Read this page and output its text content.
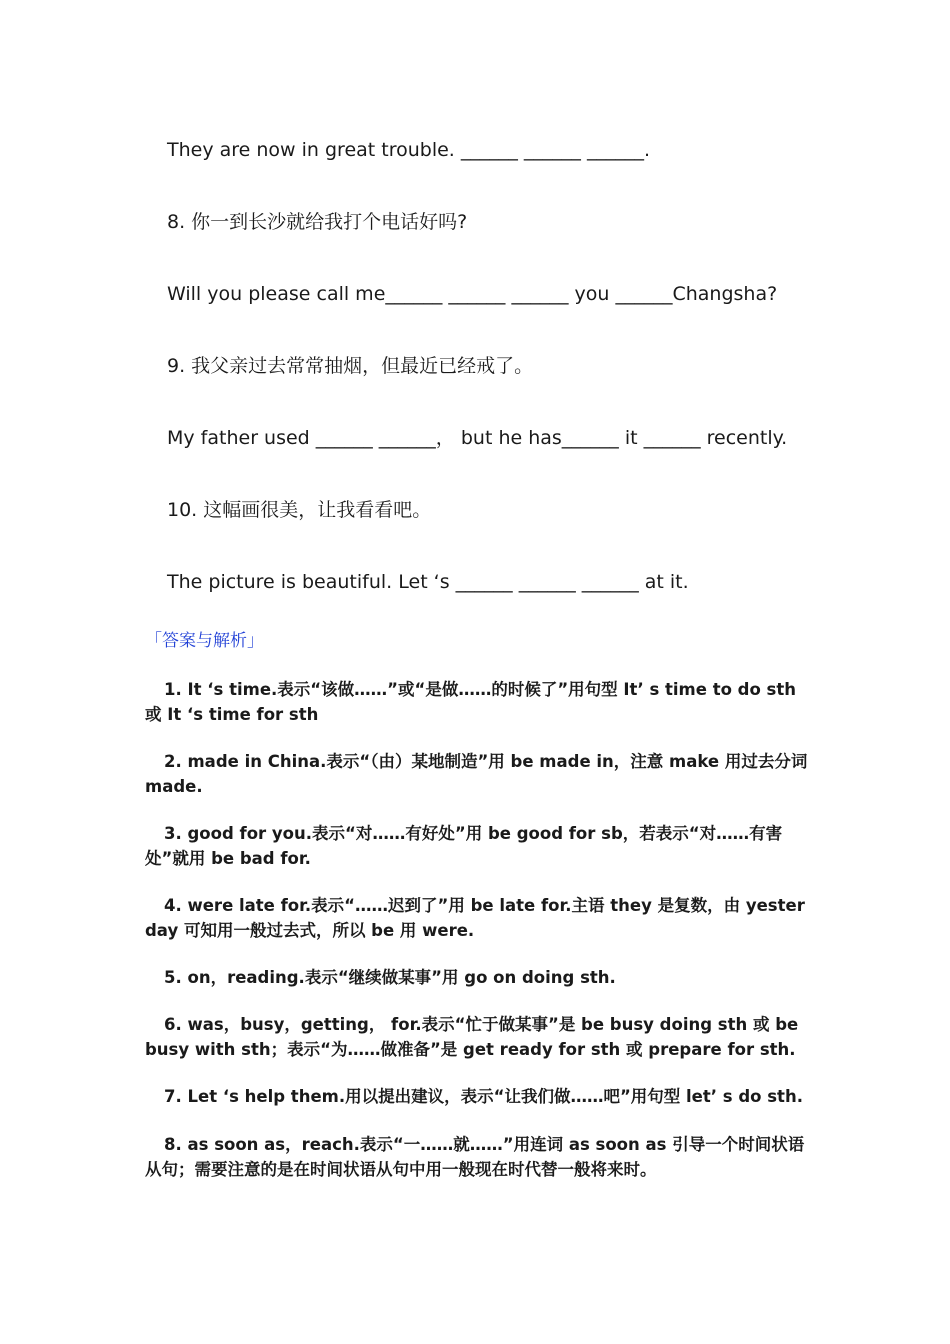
They are now in great trouble. ______ ______ ______.
8. 你一到长沙就给我打个电话好吗?
Will you please call me______ ______ ______ you ______Changsha?
9. 我父亲过去常常抽烟，但最近已经戒了。
My father used ______ ______， but he has______ it ______ recently.
10. 这幅画很美，让我看看吧。
The picture is beautiful. Let ‘s ______ ______ ______ at it.
「答案与解析」
1. It ‘s time.表示“该做……”或“是做……的时候了”用句型 It’ s time to do sth 或 It ‘s time for sth
2. made in China.表示“（由）某地制造”用 be made in，注意 make 用过去分词 made.
3. good for you.表示“对……有好处”用 be good for sb，若表示“对……有害处”就用 be bad for.
4. were late for.表示“……迟到了”用 be late for.主语 they 是复数，由 yesterday 可知用一般过去式，所以 be 用 were.
5. on，reading.表示“继续做某事”用 go on doing sth.
6. was，busy，getting， for.表示“忙于做某事”是 be busy doing sth 或 be busy with sth；表示“为……做准备”是 get ready for sth 或 prepare for sth.
7. Let ‘s help them.用以提出建议，表示“让我们做……吧”用句型 let’ s do sth.
8. as soon as，reach.表示“一……就……”用连词 as soon as 引导一个时间状语从句；需要注意的是在时间状语从句中用一般现在时代替一般将来时。
